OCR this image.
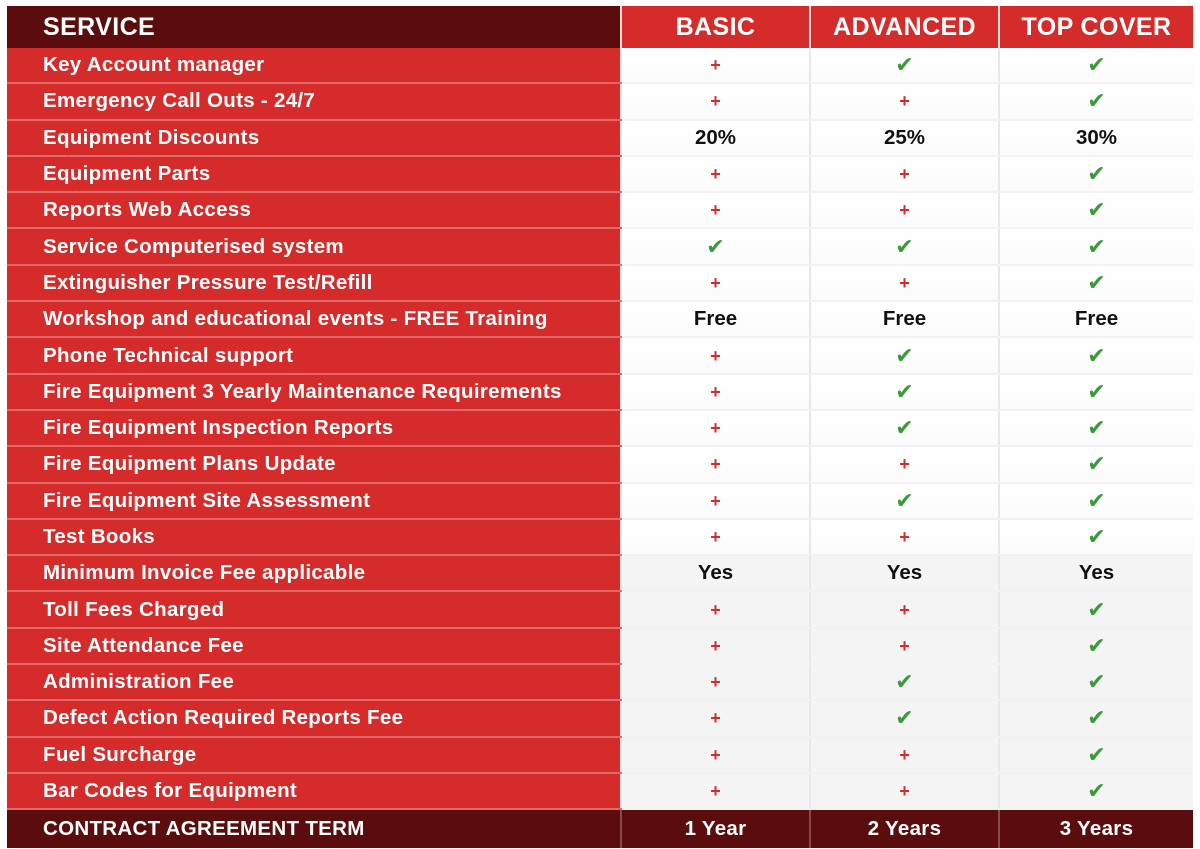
SERVICE	BASIC	ADVANCED	TOP COVER
Key Account manager	+	✔	✔
Emergency Call Outs - 24/7	+	+	✔
Equipment Discounts	20%	25%	30%
Equipment Parts	+	+	✔
Reports Web Access	+	+	✔
Service Computerised system	✔	✔	✔
Extinguisher Pressure Test/Refill	+	+	✔
Workshop and educational events - FREE Training	Free	Free	Free
Phone Technical support	+	✔	✔
Fire Equipment 3 Yearly Maintenance Requirements	+	✔	✔
Fire Equipment Inspection Reports	+	✔	✔
Fire Equipment Plans Update	+	+	✔
Fire Equipment Site Assessment	+	✔	✔
Test Books	+	+	✔
Minimum Invoice Fee applicable	Yes	Yes	Yes
Toll Fees Charged	+	+	✔
Site Attendance Fee	+	+	✔
Administration Fee	+	✔	✔
Defect Action Required Reports Fee	+	✔	✔
Fuel Surcharge	+	+	✔
Bar Codes for Equipment	+	+	✔
CONTRACT AGREEMENT TERM	1 Year	2 Years	3 Years
